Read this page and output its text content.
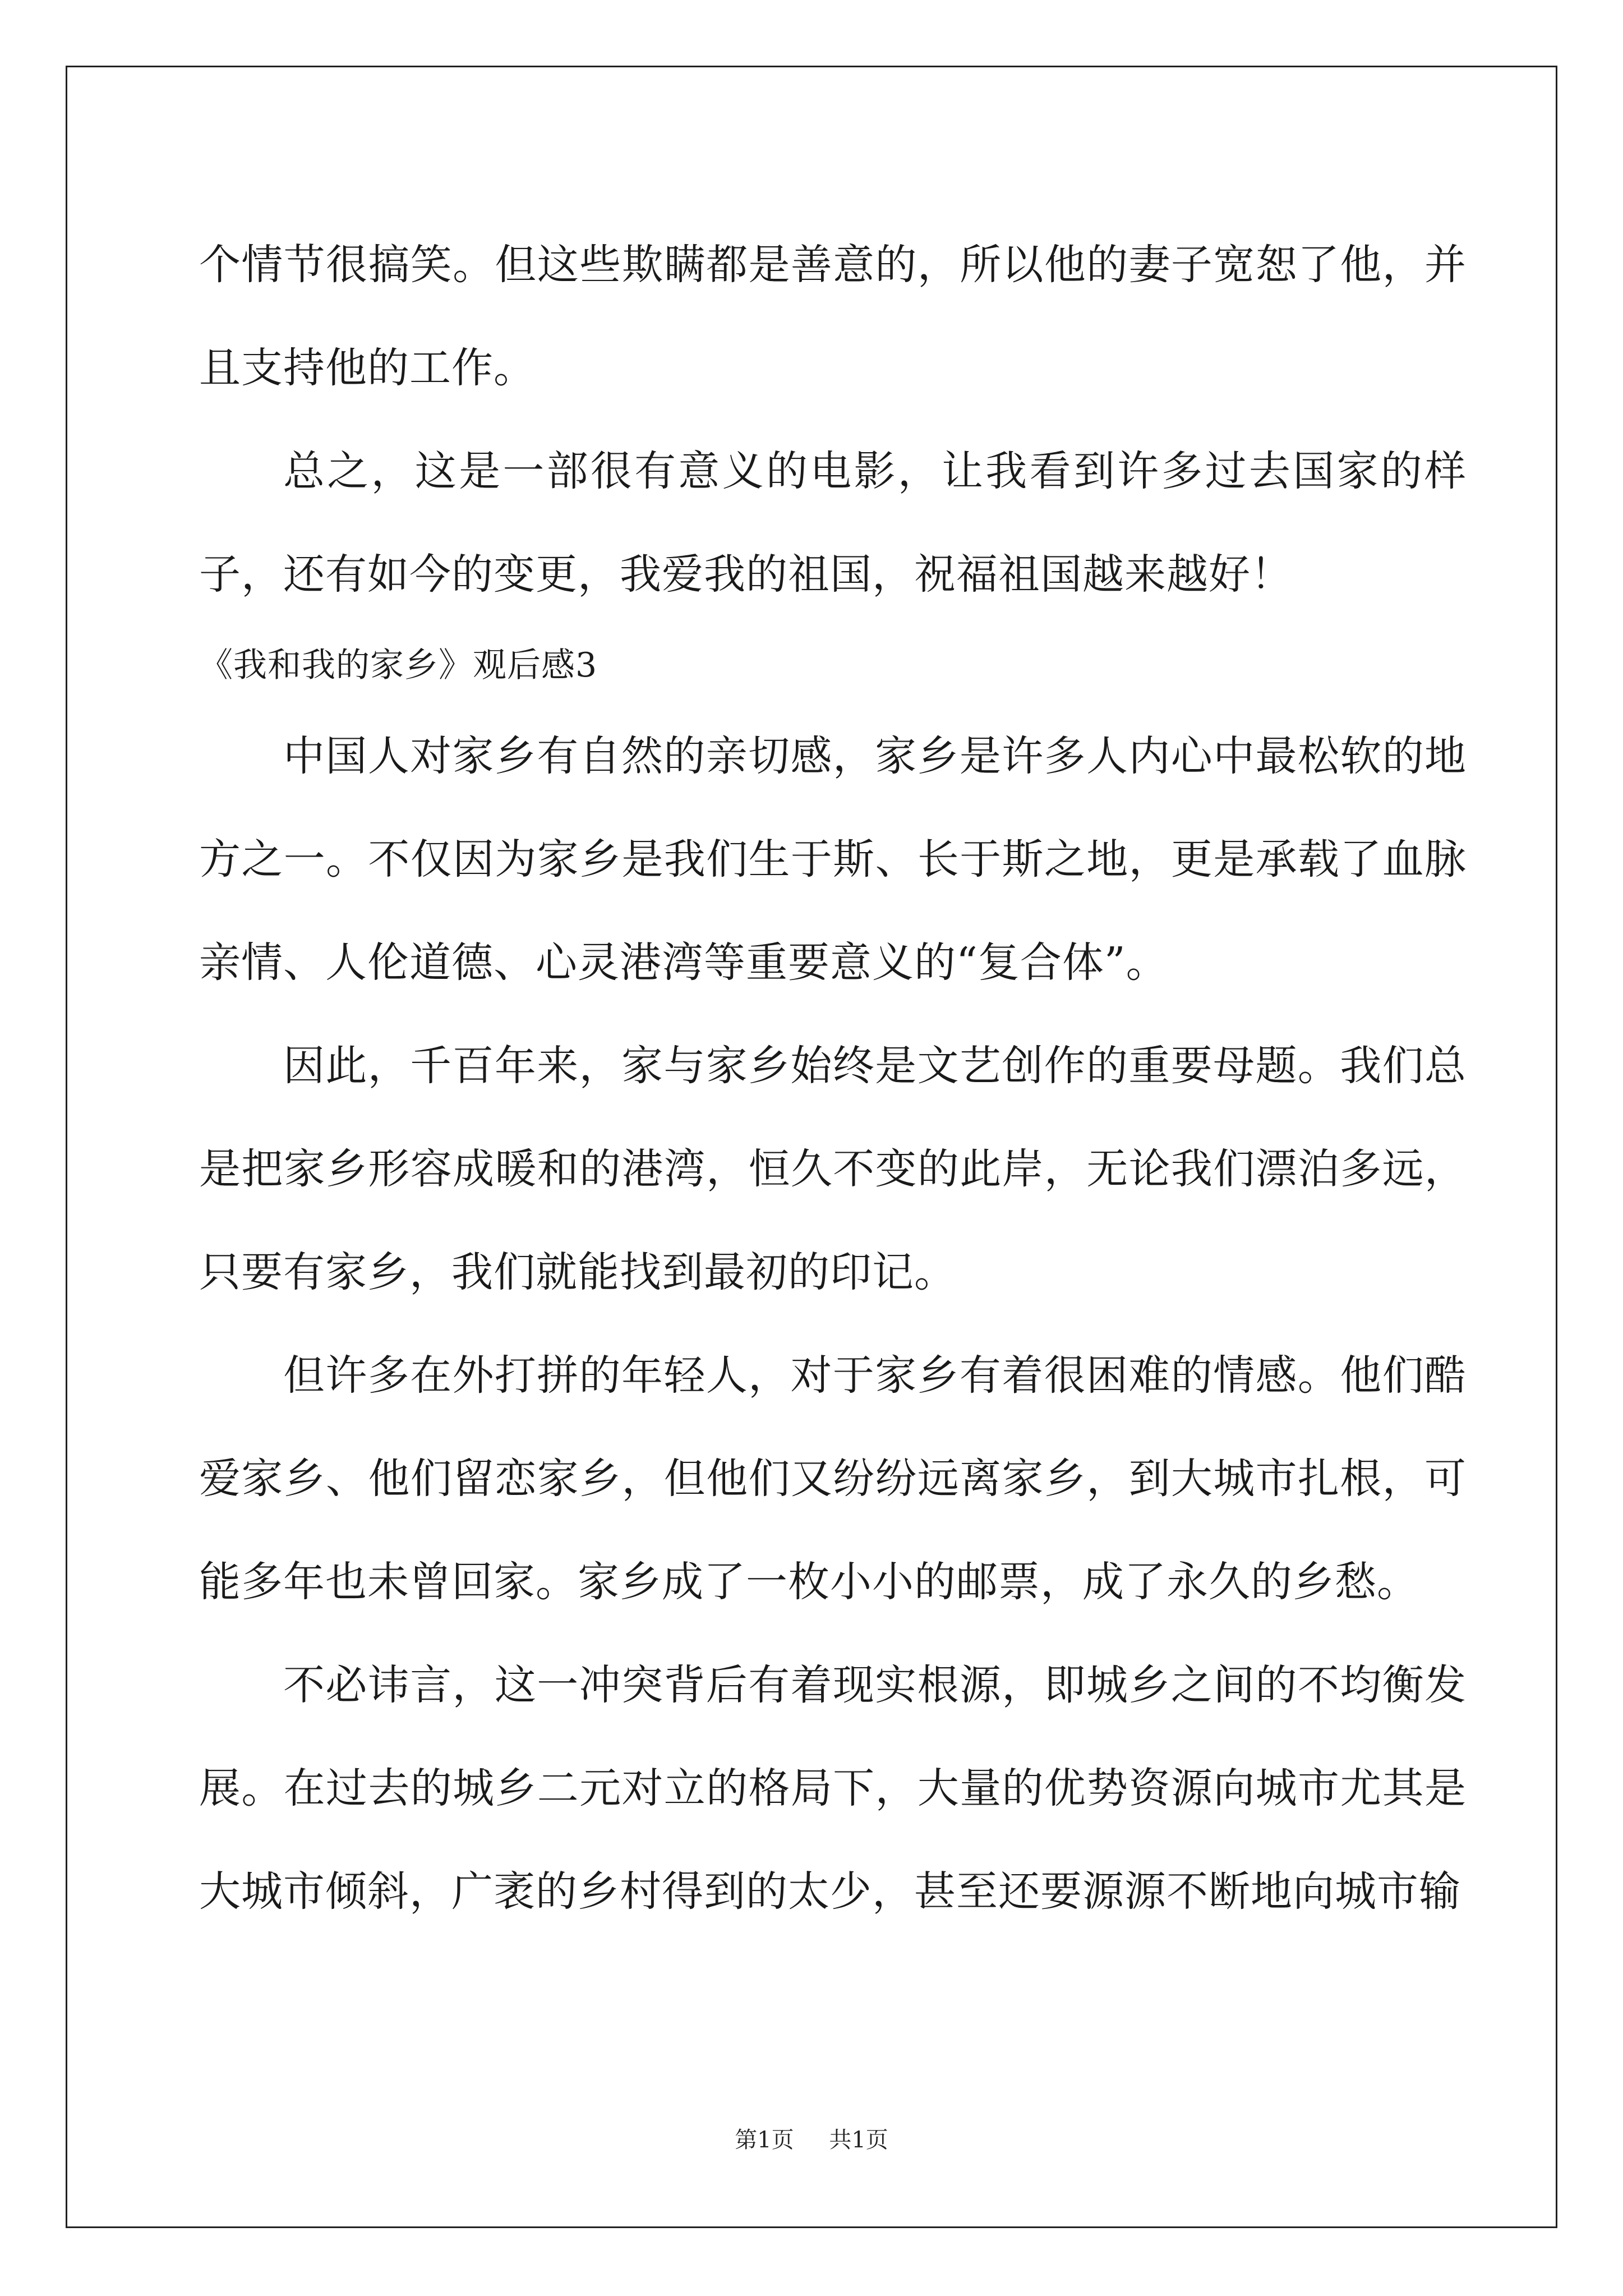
个情节很搞笑。但这些欺瞒都是善意的，所以他的妻子宽恕了他，并且支持他的工作。

总之，这是一部很有意义的电影，让我看到许多过去国家的样子，还有如今的变更，我爱我的祖国，祝福祖国越来越好！

《我和我的家乡》观后感3

中国人对家乡有自然的亲切感，家乡是许多人内心中最松软的地方之一。不仅因为家乡是我们生于斯、长于斯之地，更是承载了血脉亲情、人伦道德、心灵港湾等重要意义的“复合体”。

因此，千百年来，家与家乡始终是文艺创作的重要母题。我们总是把家乡形容成暖和的港湾，恒久不变的此岸，无论我们漂泊多远，只要有家乡，我们就能找到最初的印记。

但许多在外打拼的年轻人，对于家乡有着很困难的情感。他们酷爱家乡、他们留恋家乡，但他们又纷纷远离家乡，到大城市扎根，可能多年也未曾回家。家乡成了一枚小小的邮票，成了永久的乡愁。

不必讳言，这一冲突背后有着现实根源，即城乡之间的不均衡发展。在过去的城乡二元对立的格局下，大量的优势资源向城市尤其是大城市倾斜，广袤的乡村得到的太少，甚至还要源源不断地向城市输

第1页 共1页
